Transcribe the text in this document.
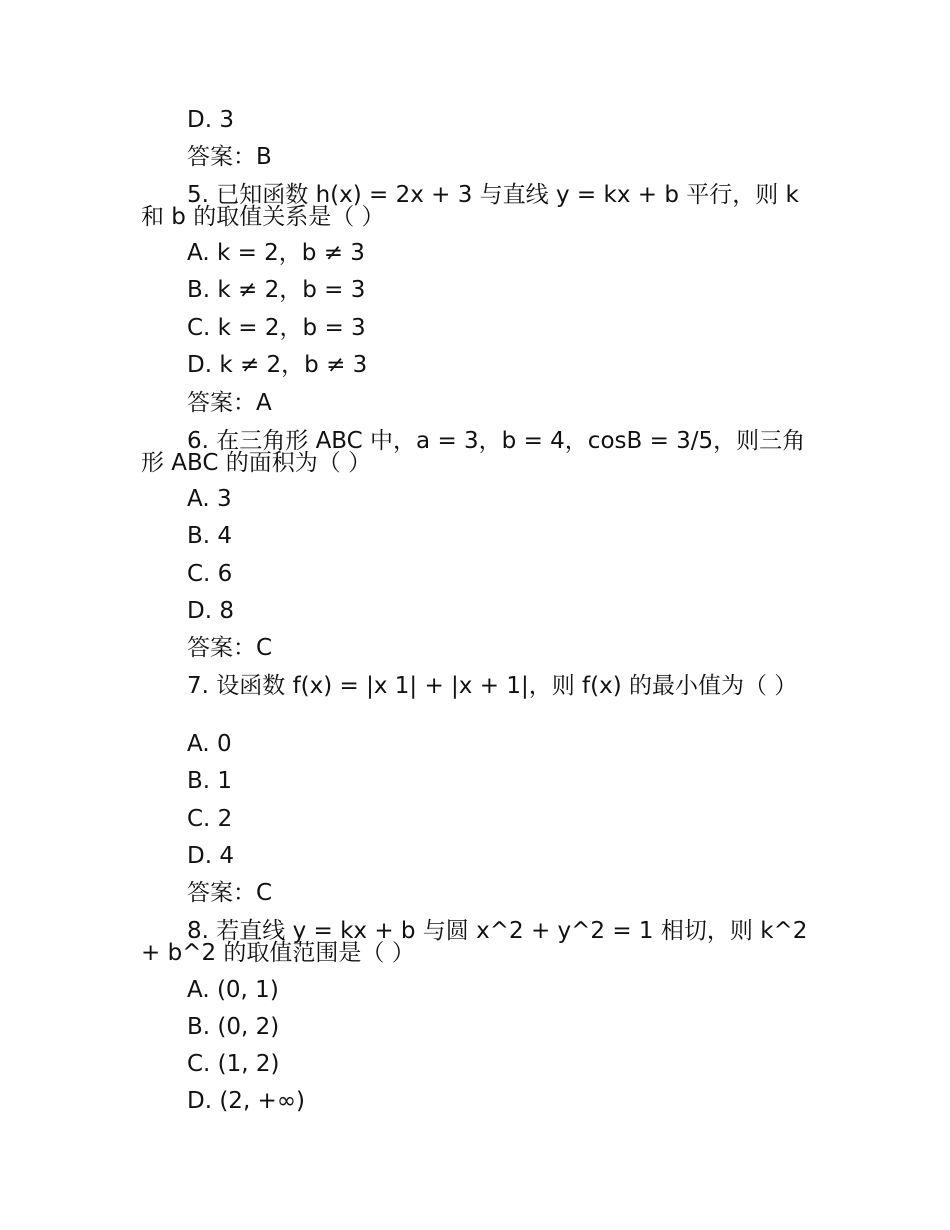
D. 3
答案：B
5. 已知函数 h(x) = 2x + 3 与直线 y = kx + b 平行，则 k 和 b 的取值关系是（ ）
A. k = 2，b ≠ 3
B. k ≠ 2，b = 3
C. k = 2，b = 3
D. k ≠ 2，b ≠ 3
答案：A
6. 在三角形 ABC 中，a = 3，b = 4，cosB = 3/5，则三角形 ABC 的面积为（ ）
A. 3
B. 4
C. 6
D. 8
答案：C
7. 设函数 f(x) = |x 1| + |x + 1|，则 f(x) 的最小值为（ ）
A. 0
B. 1
C. 2
D. 4
答案：C
8. 若直线 y = kx + b 与圆 x^2 + y^2 = 1 相切，则 k^2 + b^2 的取值范围是（ ）
A. (0, 1)
B. (0, 2)
C. (1, 2)
D. (2, +∞)
